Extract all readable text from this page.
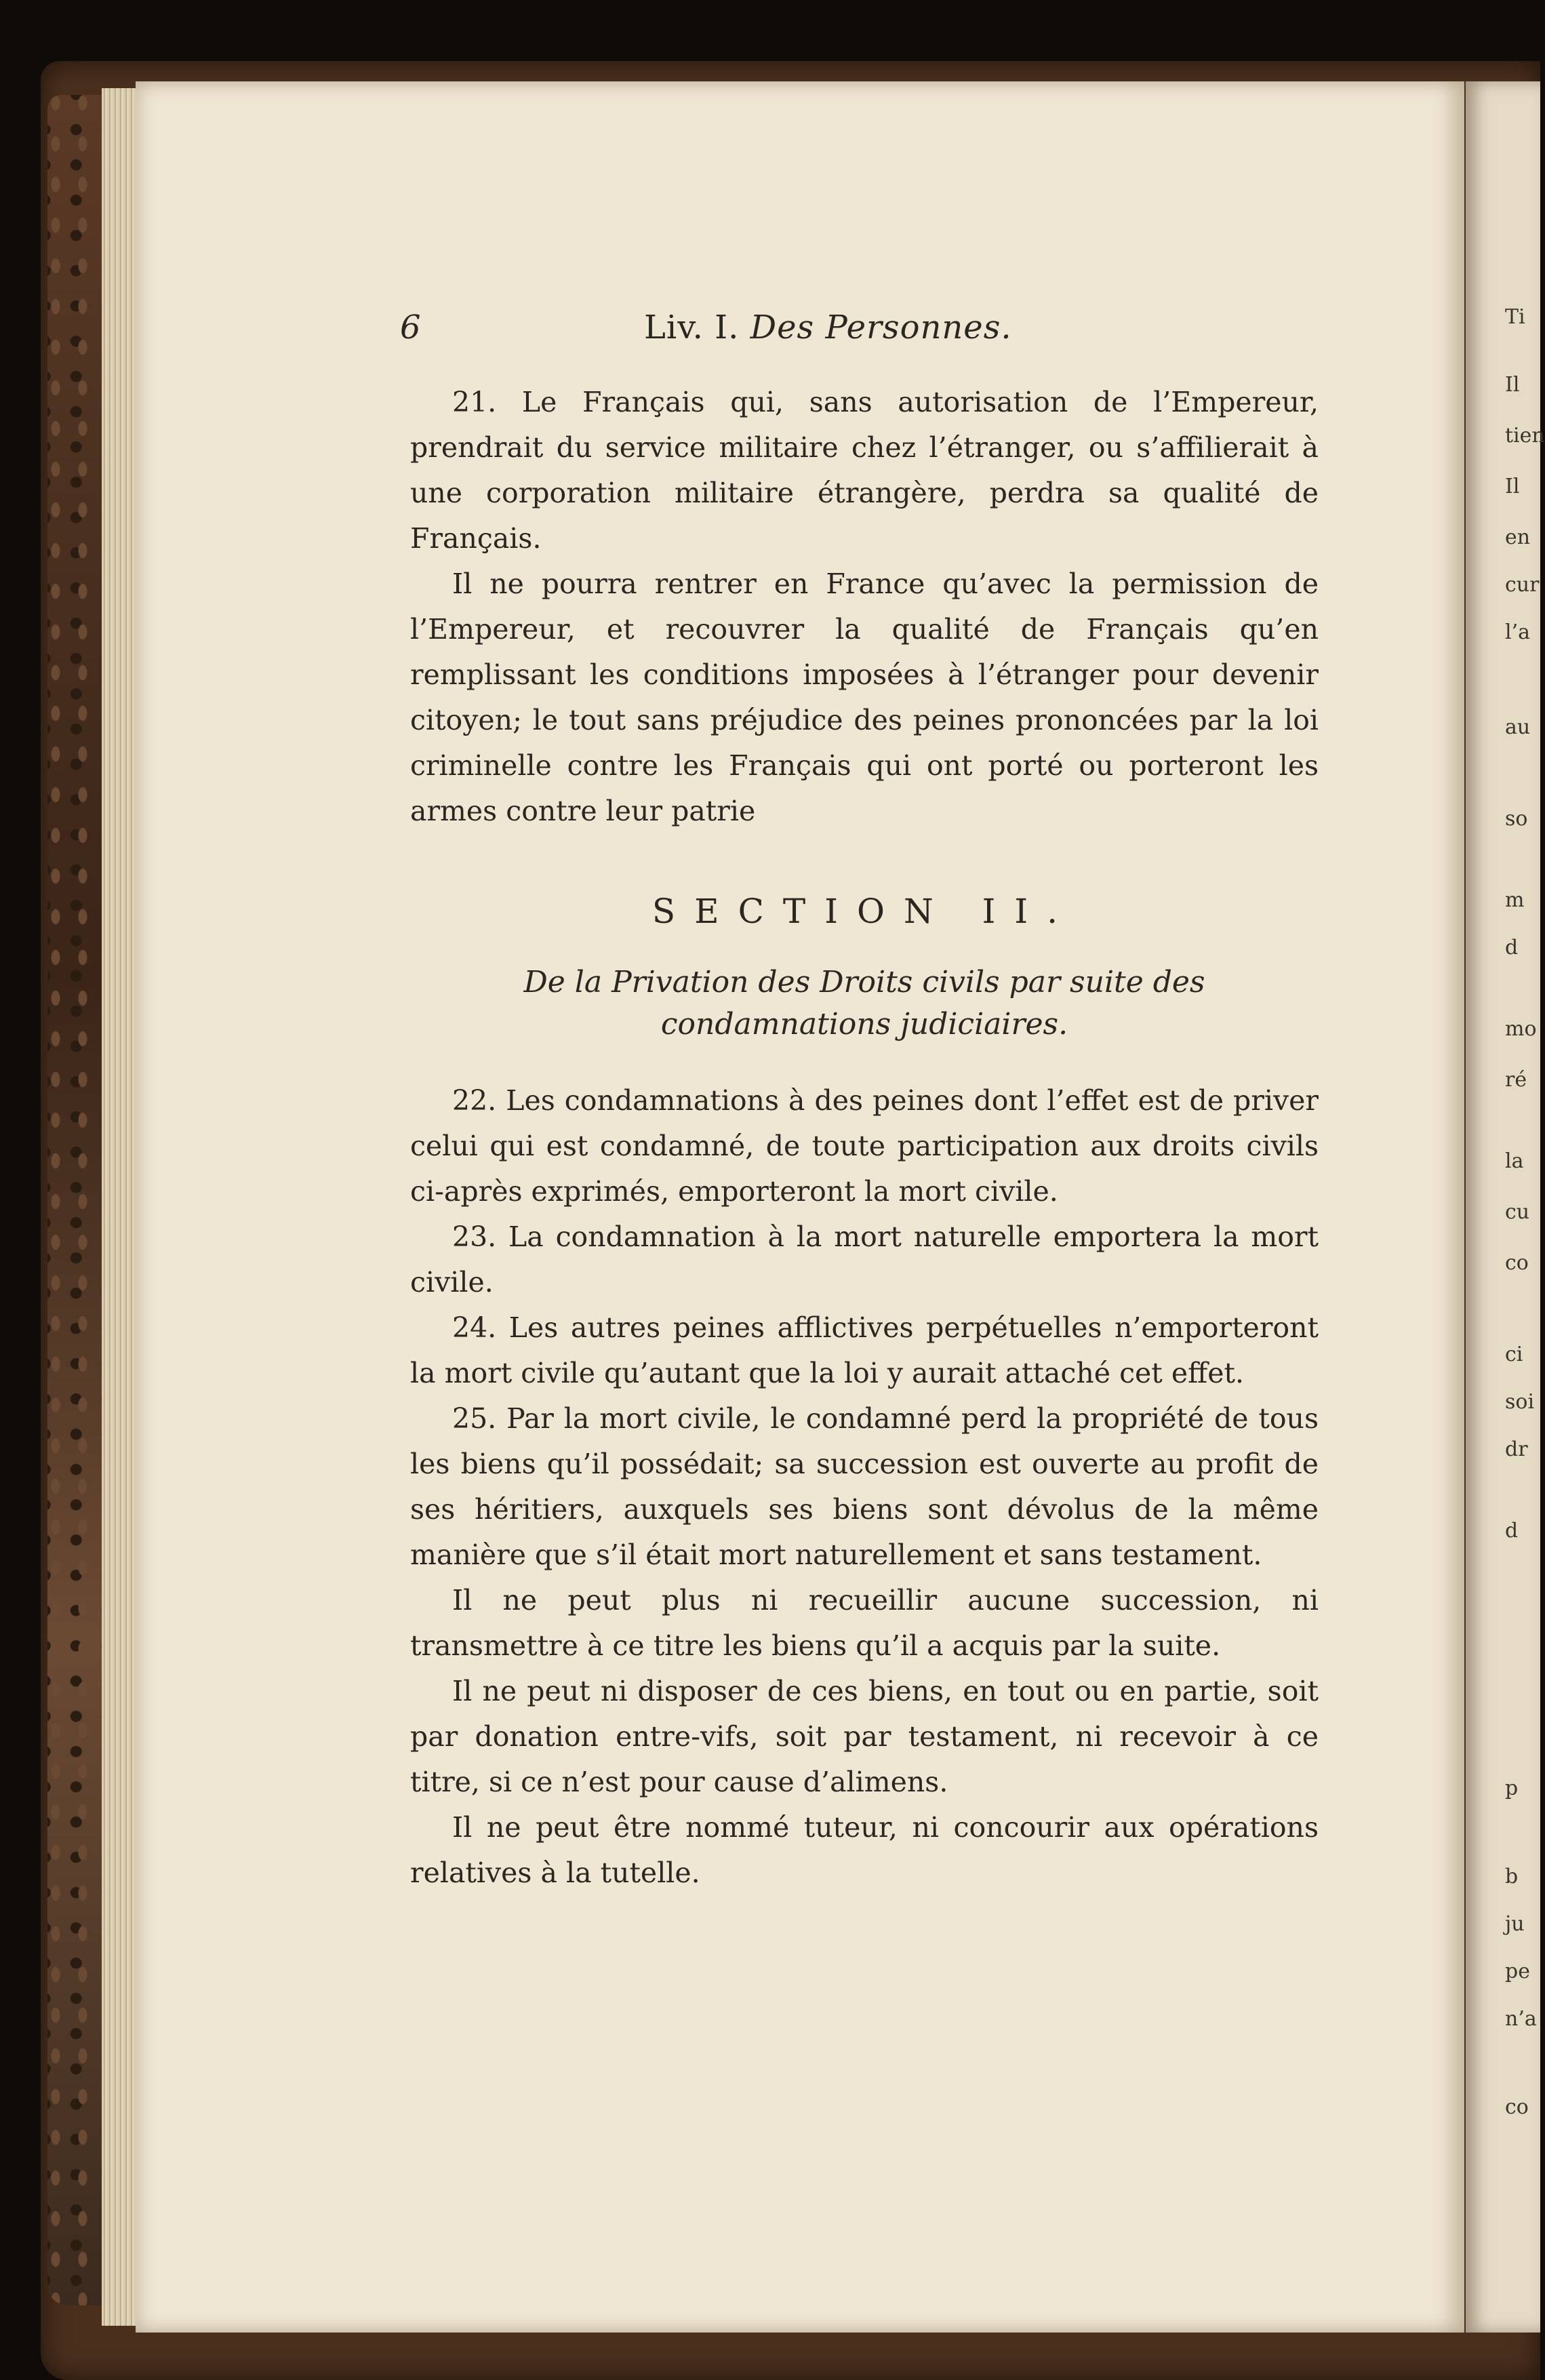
Ti
Il
tien
Il
en
cur
l’a
au
so
m
d
mo
ré
la
cu
co
ci
soi
dr
d
p
b
ju
pe
n’a
co
6	Liv. I. Des Personnes.

21. Le Français qui, sans autorisation de l’Empereur, prendrait du service militaire chez l’étranger, ou s’affilierait à une corporation militaire étrangère, perdra sa qualité de Français.

Il ne pourra rentrer en France qu’avec la permission de l’Empereur, et recouvrer la qualité de Français qu’en remplissant les conditions imposées à l’étranger pour devenir citoyen; le tout sans préjudice des peines prononcées par la loi criminelle contre les Français qui ont porté ou porteront les armes contre leur patrie

SECTION II.
De la Privation des Droits civils par suite des condamnations judiciaires.

22. Les condamnations à des peines dont l’effet est de priver celui qui est condamné, de toute participation aux droits civils ci-après exprimés, emporteront la mort civile.

23. La condamnation à la mort naturelle emportera la mort civile.

24. Les autres peines afflictives perpétuelles n’emporteront la mort civile qu’autant que la loi y aurait attaché cet effet.

25. Par la mort civile, le condamné perd la propriété de tous les biens qu’il possédait; sa succession est ouverte au profit de ses héritiers, auxquels ses biens sont dévolus de la même manière que s’il était mort naturellement et sans testament.

Il ne peut plus ni recueillir aucune succession, ni transmettre à ce titre les biens qu’il a acquis par la suite.

Il ne peut ni disposer de ces biens, en tout ou en partie, soit par donation entre-vifs, soit par testament, ni recevoir à ce titre, si ce n’est pour cause d’alimens.

Il ne peut être nommé tuteur, ni concourir aux opérations relatives à la tutelle.
